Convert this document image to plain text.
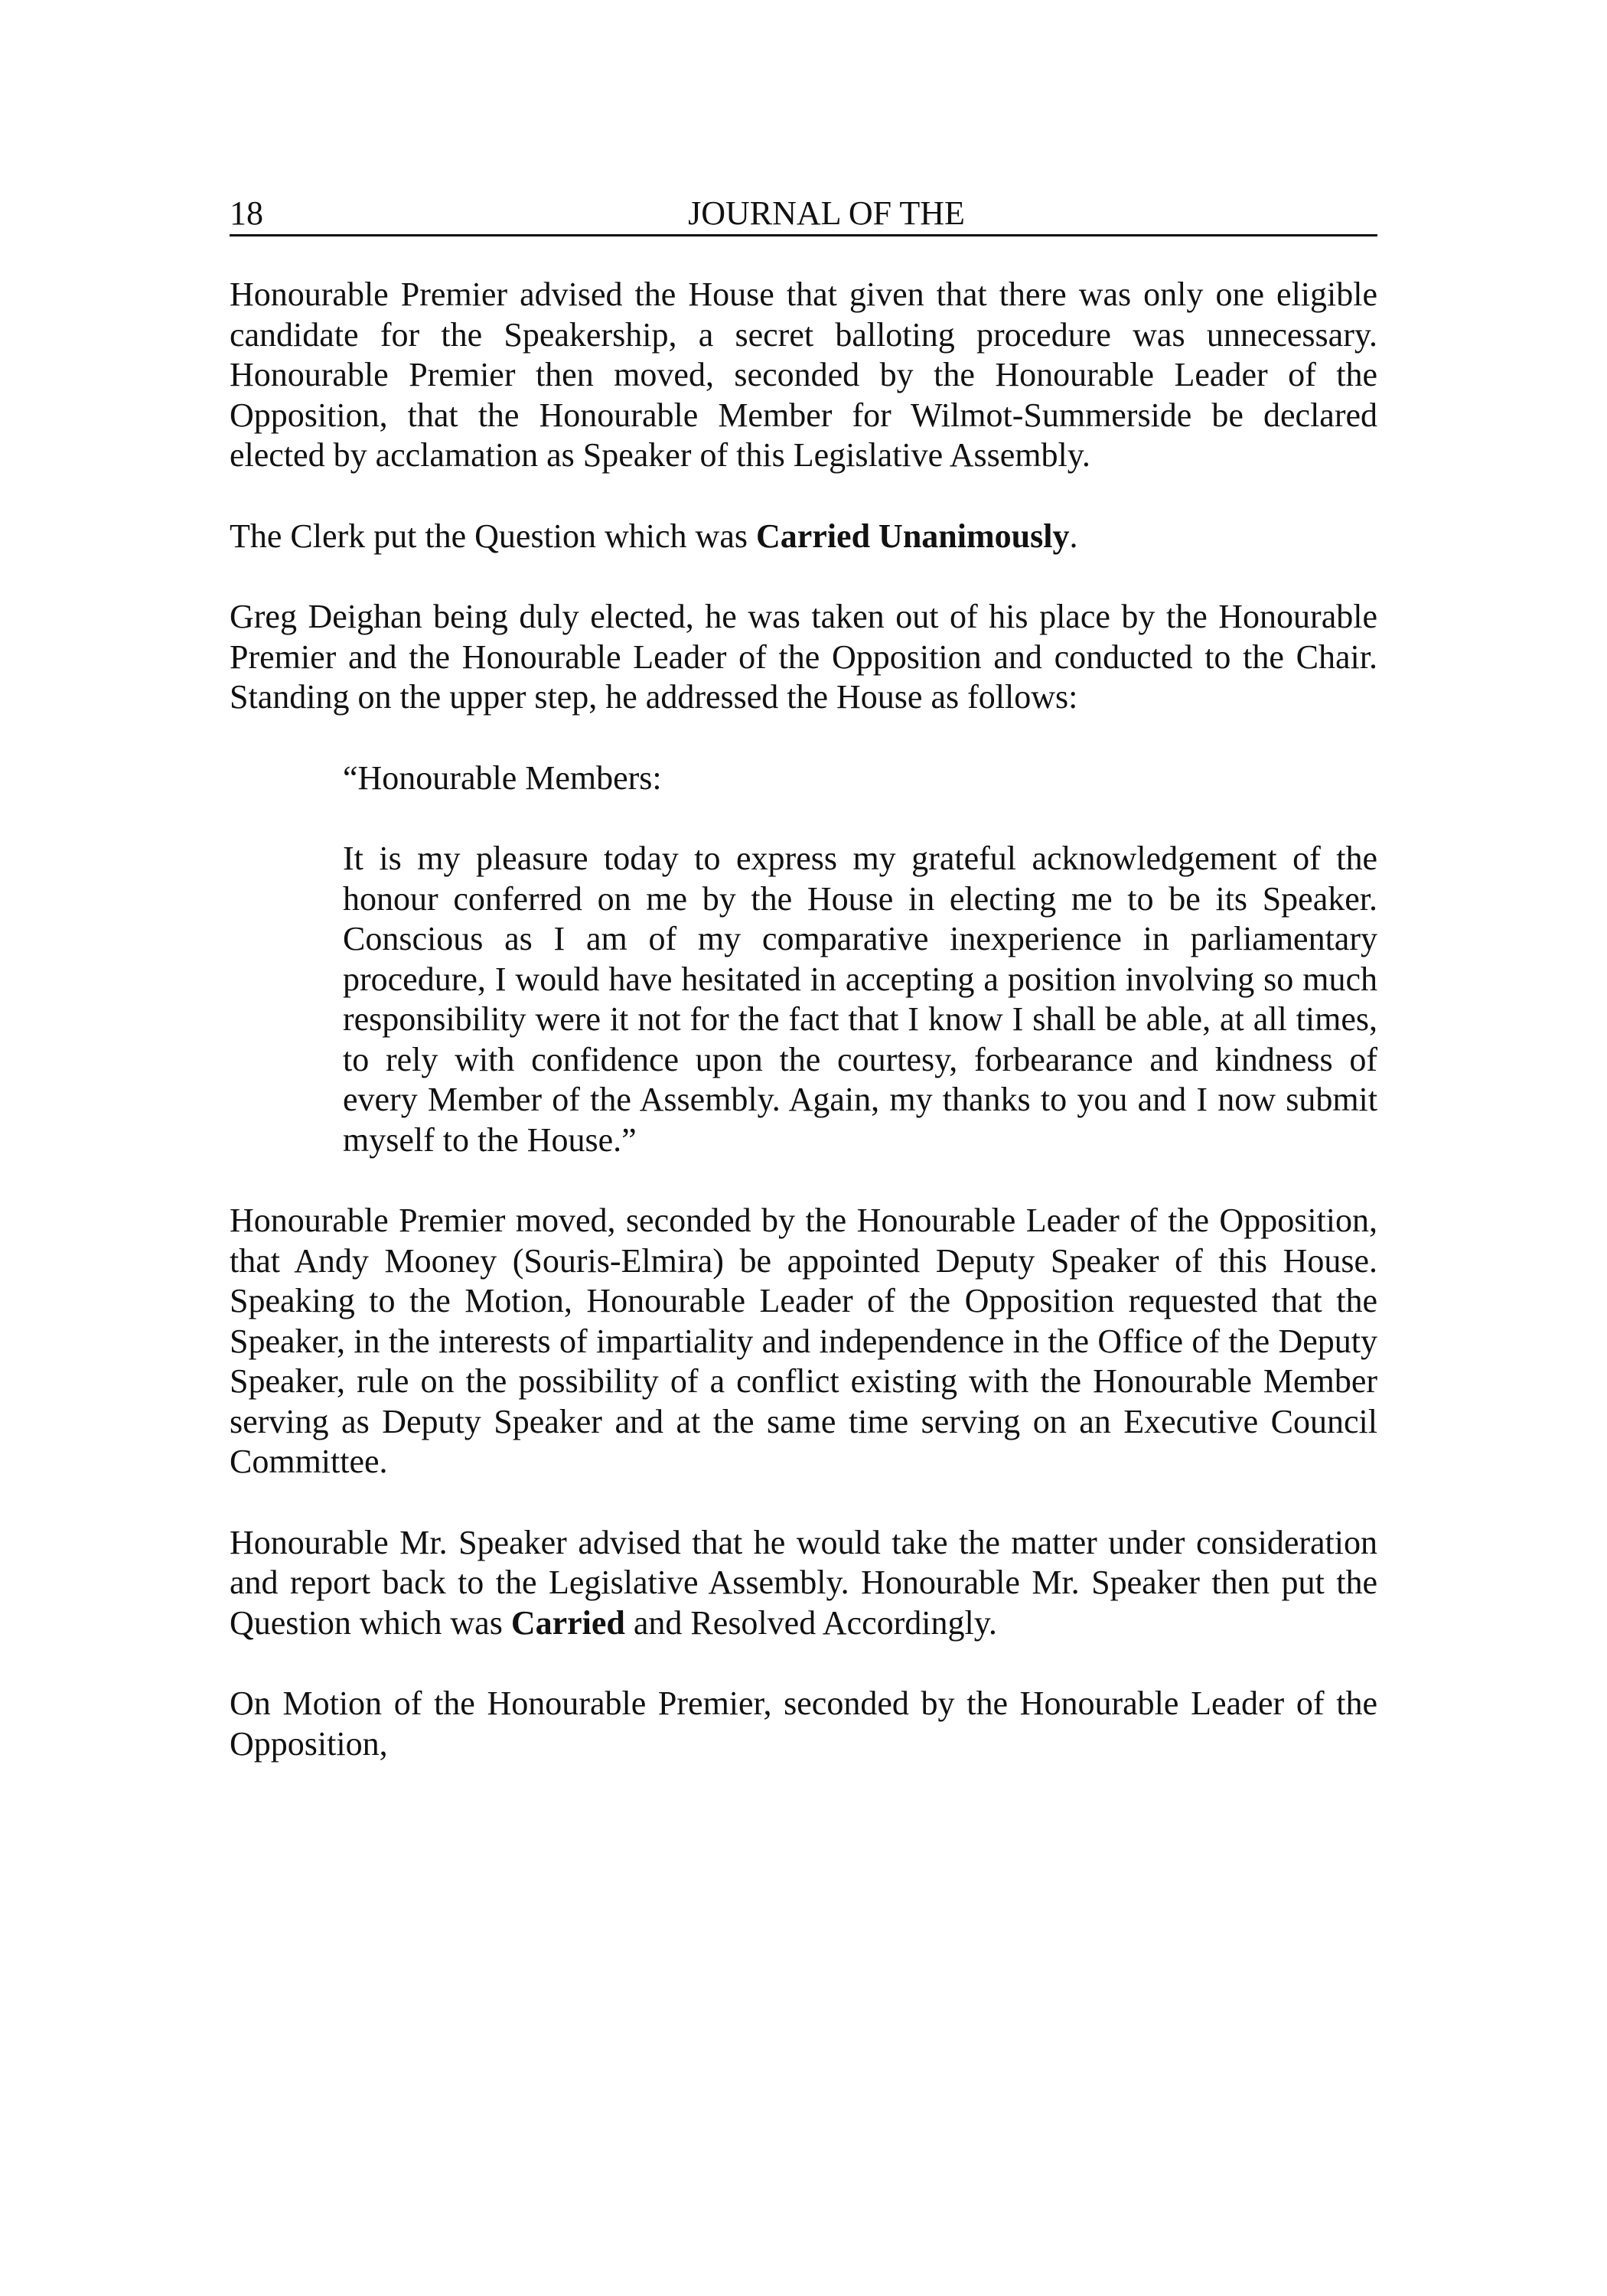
18	JOURNAL OF THE

Honourable Premier advised the House that given that there was only one eligible candidate for the Speakership, a secret balloting procedure was unnecessary. Honourable Premier then moved, seconded by the Honourable Leader of the Opposition, that the Honourable Member for Wilmot-Summerside be declared elected by acclamation as Speaker of this Legislative Assembly.

The Clerk put the Question which was Carried Unanimously.

Greg Deighan being duly elected, he was taken out of his place by the Honourable Premier and the Honourable Leader of the Opposition and conducted to the Chair. Standing on the upper step, he addressed the House as follows:

“Honourable Members:

It is my pleasure today to express my grateful acknowledgement of the honour conferred on me by the House in electing me to be its Speaker. Conscious as I am of my comparative inexperience in parliamentary procedure, I would have hesitated in accepting a position involving so much responsibility were it not for the fact that I know I shall be able, at all times, to rely with confidence upon the courtesy, forbearance and kindness of every Member of the Assembly. Again, my thanks to you and I now submit myself to the House.”

Honourable Premier moved, seconded by the Honourable Leader of the Opposition, that Andy Mooney (Souris-Elmira) be appointed Deputy Speaker of this House. Speaking to the Motion, Honourable Leader of the Opposition requested that the Speaker, in the interests of impartiality and independence in the Office of the Deputy Speaker, rule on the possibility of a conflict existing with the Honourable Member serving as Deputy Speaker and at the same time serving on an Executive Council Committee.

Honourable Mr. Speaker advised that he would take the matter under consideration and report back to the Legislative Assembly. Honourable Mr. Speaker then put the Question which was Carried and Resolved Accordingly.

On Motion of the Honourable Premier, seconded by the Honourable Leader of the Opposition,
